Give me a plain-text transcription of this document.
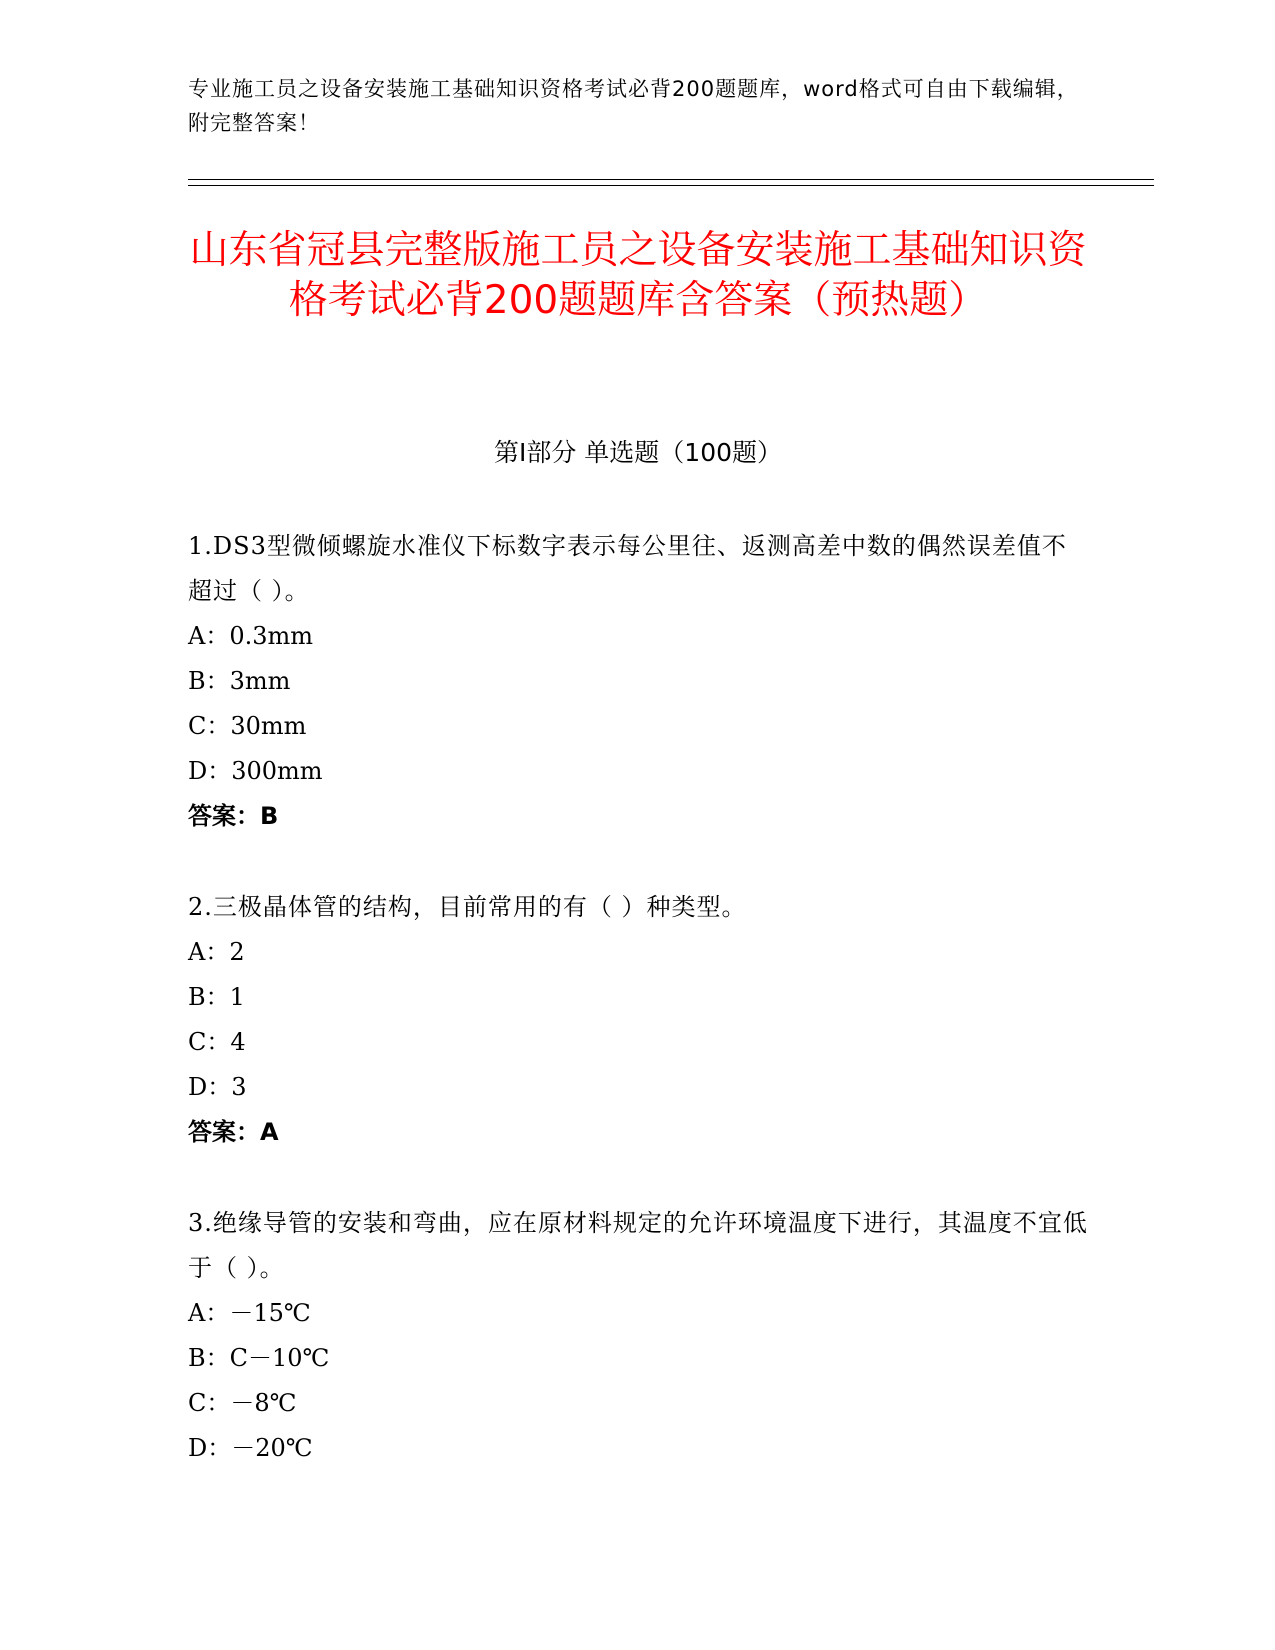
专业施工员之设备安装施工基础知识资格考试必背200题题库，word格式可自由下载编辑，附完整答案！
山东省冠县完整版施工员之设备安装施工基础知识资格考试必背200题题库含答案（预热题）
第I部分 单选题（100题）
1.DS3型微倾螺旋水准仪下标数字表示每公里往、返测高差中数的偶然误差值不超过（ ）。
A：0.3mm
B：3mm
C：30mm
D：300mm
答案：B
2.三极晶体管的结构，目前常用的有（ ）种类型。
A：2
B：1
C：4
D：3
答案：A
3.绝缘导管的安装和弯曲，应在原材料规定的允许环境温度下进行，其温度不宜低于（ ）。
A：－15℃
B：C－10℃
C：－8℃
D：－20℃
